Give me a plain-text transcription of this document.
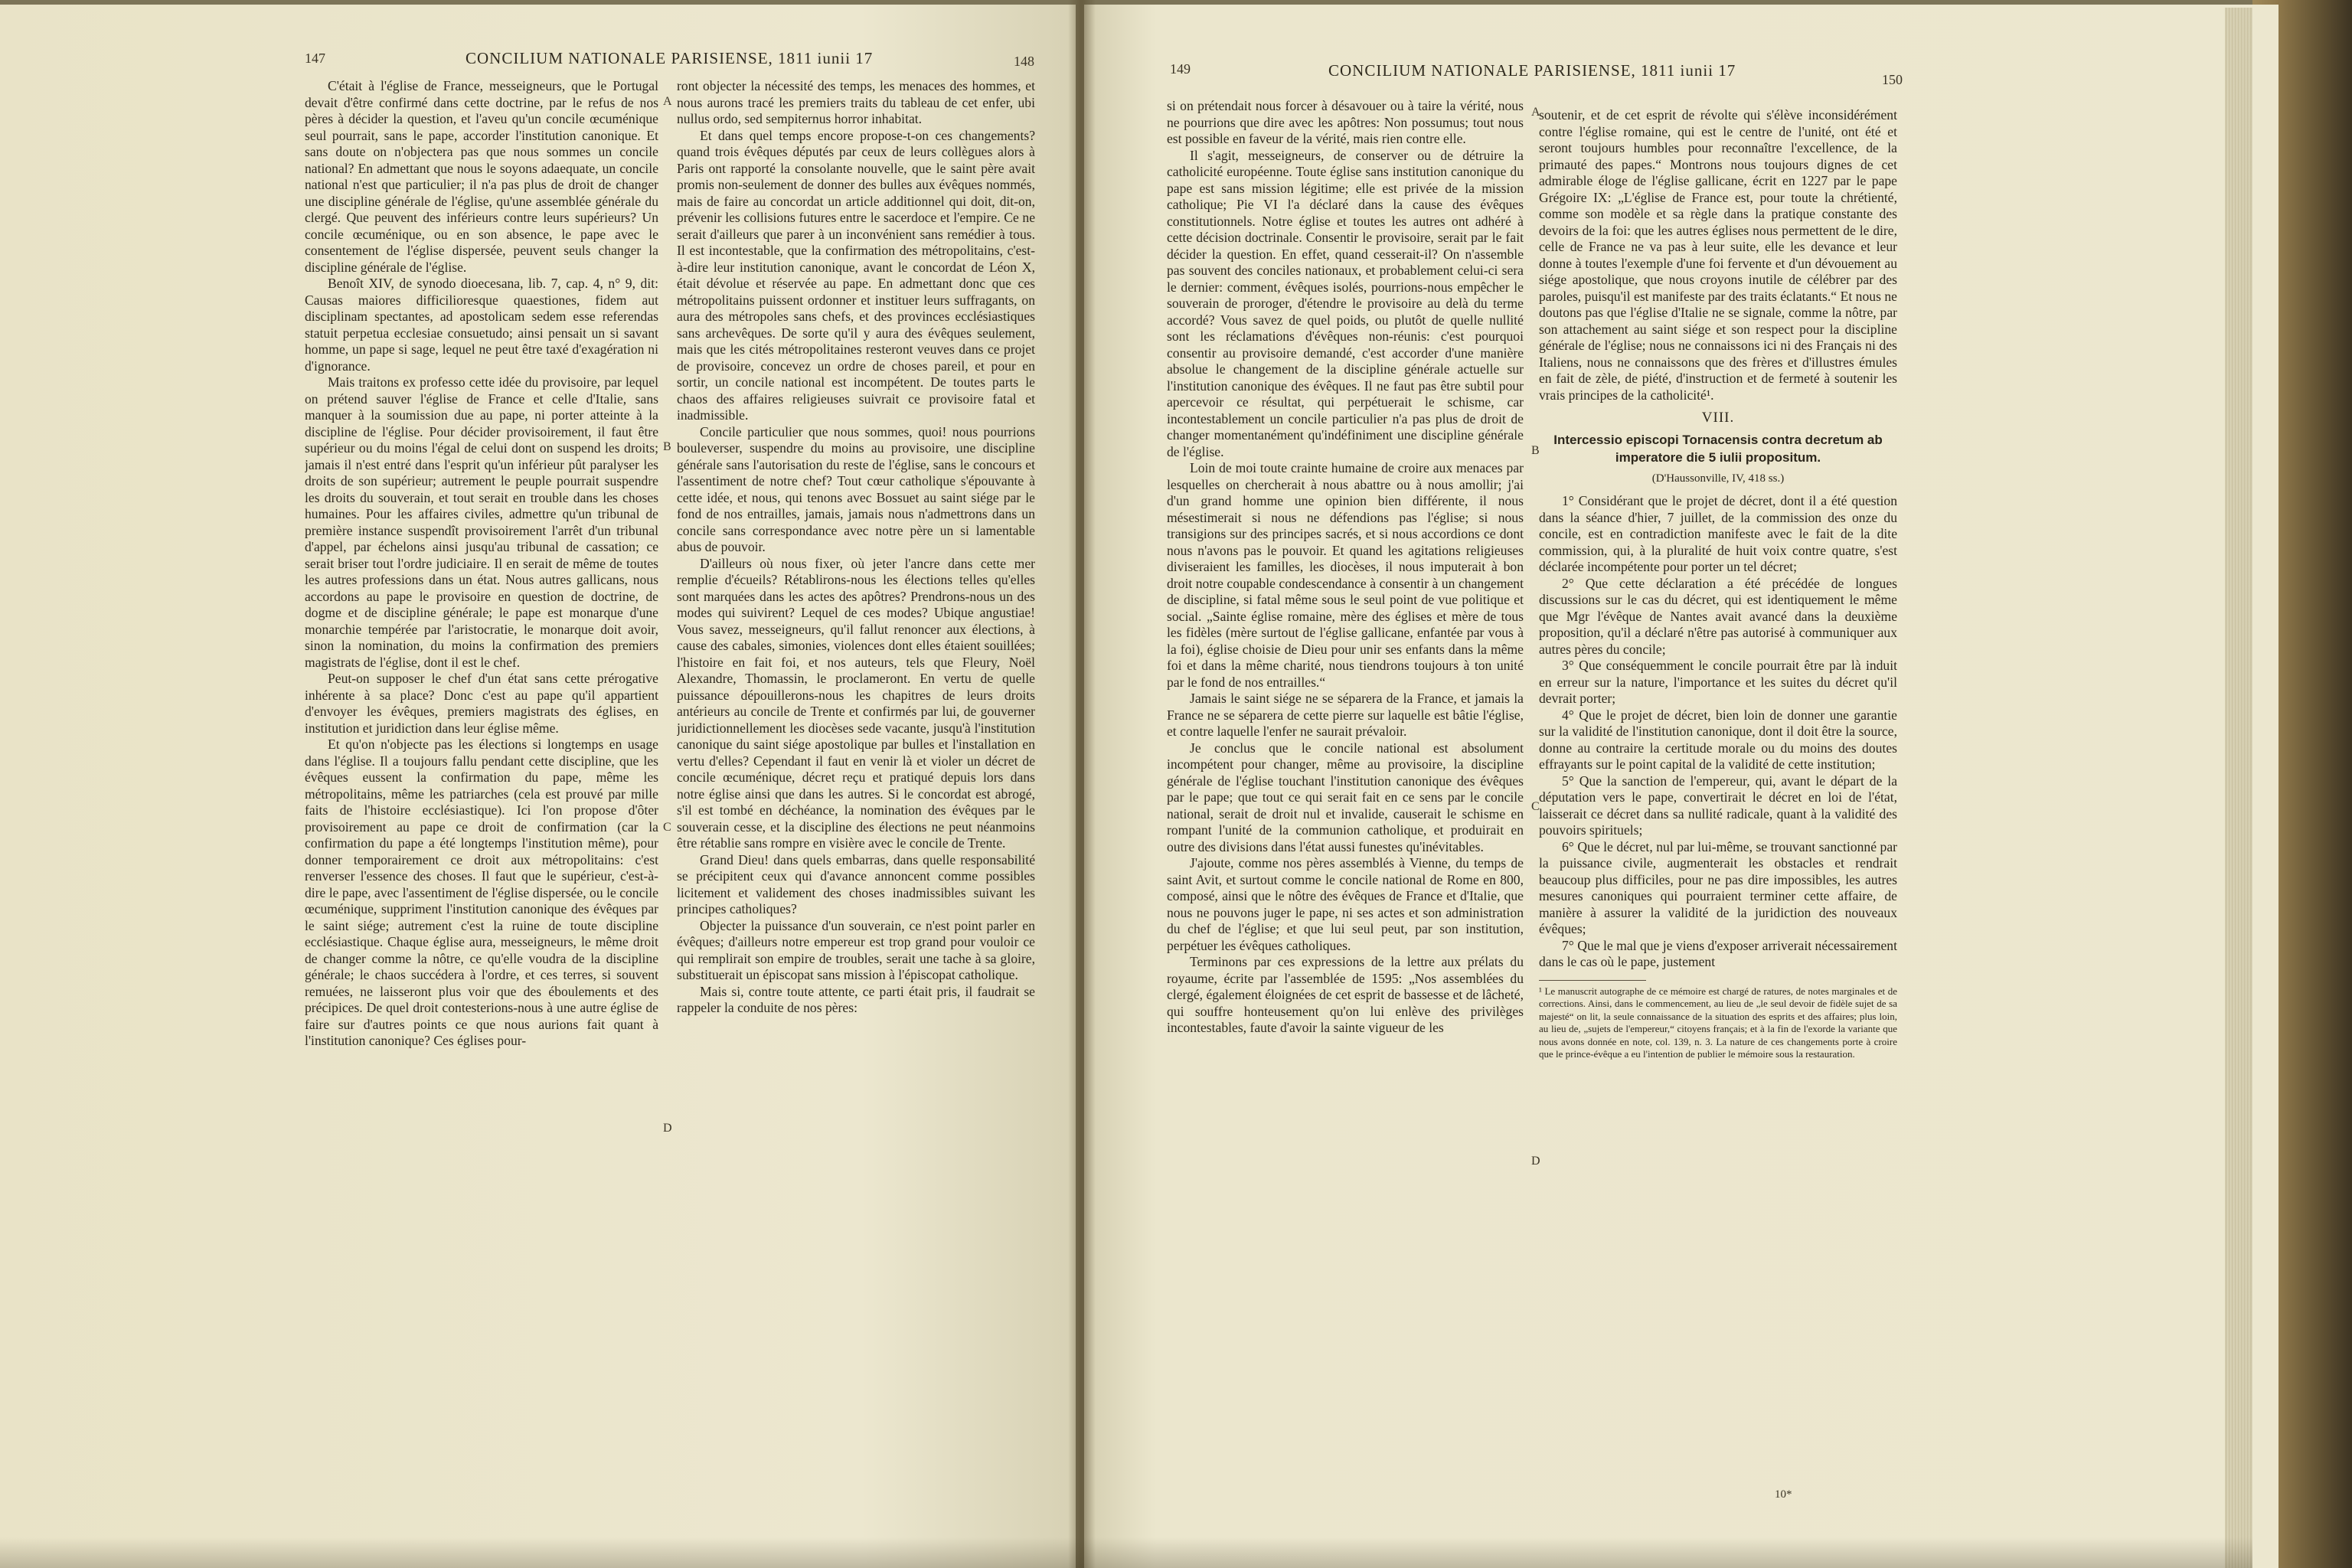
147	CONCILIUM NATIONALE PARISIENSE, 1811 iunii 17	148	149	CONCILIUM NATIONALE PARISIENSE, 1811 iunii 17	150
A
B
C
D
A
B
C
D

C'était à l'église de France, messeigneurs, que le Portugal devait d'être confirmé dans cette doctrine, par le refus de nos pères à décider la question, et l'aveu qu'un concile œcuménique seul pourrait, sans le pape, accorder l'institution canonique. Et sans doute on n'objectera pas que nous sommes un concile national? En admettant que nous le soyons adaequate, un concile national n'est que particulier; il n'a pas plus de droit de changer une discipline générale de l'église, qu'une assemblée générale du clergé. Que peuvent des inférieurs contre leurs supérieurs? Un concile œcuménique, ou en son absence, le pape avec le consentement de l'église dispersée, peuvent seuls changer la discipline générale de l'église.

Benoît XIV, de synodo dioecesana, lib. 7, cap. 4, n° 9, dit: Causas maiores difficilioresque quaestiones, fidem aut disciplinam spectantes, ad apostolicam sedem esse referendas statuit perpetua ecclesiae consuetudo; ainsi pensait un si savant homme, un pape si sage, lequel ne peut être taxé d'exagération ni d'ignorance.

Mais traitons ex professo cette idée du provisoire, par lequel on prétend sauver l'église de France et celle d'Italie, sans manquer à la soumission due au pape, ni porter atteinte à la discipline de l'église. Pour décider provisoirement, il faut être supérieur ou du moins l'égal de celui dont on suspend les droits; jamais il n'est entré dans l'esprit qu'un inférieur pût paralyser les droits de son supérieur; autrement le peuple pourrait suspendre les droits du souverain, et tout serait en trouble dans les choses humaines. Pour les affaires civiles, admettre qu'un tribunal de première instance suspendît provisoirement l'arrêt d'un tribunal d'appel, par échelons ainsi jusqu'au tribunal de cassation; ce serait briser tout l'ordre judiciaire. Il en serait de même de toutes les autres professions dans un état. Nous autres gallicans, nous accordons au pape le provisoire en question de doctrine, de dogme et de discipline générale; le pape est monarque d'une monarchie tempérée par l'aristocratie, le monarque doit avoir, sinon la nomination, du moins la confirmation des premiers magistrats de l'église, dont il est le chef.

Peut-on supposer le chef d'un état sans cette prérogative inhérente à sa place? Donc c'est au pape qu'il appartient d'envoyer les évêques, premiers magistrats des églises, en institution et juridiction dans leur église même.

Et qu'on n'objecte pas les élections si longtemps en usage dans l'église. Il a toujours fallu pendant cette discipline, que les évêques eussent la confirmation du pape, même les métropolitains, même les patriarches (cela est prouvé par mille faits de l'histoire ecclésiastique). Ici l'on propose d'ôter provisoirement au pape ce droit de confirmation (car la confirmation du pape a été longtemps l'institution même), pour donner temporairement ce droit aux métropolitains: c'est renverser l'essence des choses. Il faut que le supérieur, c'est-à-dire le pape, avec l'assentiment de l'église dispersée, ou le concile œcuménique, suppriment l'institution canonique des évêques par le saint siége; autrement c'est la ruine de toute discipline ecclésiastique. Chaque église aura, messeigneurs, le même droit de changer comme la nôtre, ce qu'elle voudra de la discipline générale; le chaos succédera à l'ordre, et ces terres, si souvent remuées, ne laisseront plus voir que des éboulements et des précipices. De quel droit contesterions-nous à une autre église de faire sur d'autres points ce que nous aurions fait quant à l'institution canonique? Ces églises pour-

ront objecter la nécessité des temps, les menaces des hommes, et nous aurons tracé les premiers traits du tableau de cet enfer, ubi nullus ordo, sed sempiternus horror inhabitat.

Et dans quel temps encore propose-t-on ces changements? quand trois évêques députés par ceux de leurs collègues alors à Paris ont rapporté la consolante nouvelle, que le saint père avait promis non-seulement de donner des bulles aux évêques nommés, mais de faire au concordat un article additionnel qui doit, dit-on, prévenir les collisions futures entre le sacerdoce et l'empire. Ce ne serait d'ailleurs que parer à un inconvénient sans remédier à tous. Il est incontestable, que la confirmation des métropolitains, c'est-à-dire leur institution canonique, avant le concordat de Léon X, était dévolue et réservée au pape. En admettant donc que ces métropolitains puissent ordonner et instituer leurs suffragants, on aura des métropoles sans chefs, et des provinces ecclésiastiques sans archevêques. De sorte qu'il y aura des évêques seulement, mais que les cités métropolitaines resteront veuves dans ce projet de provisoire, concevez un ordre de choses pareil, et pour en sortir, un concile national est incompétent. De toutes parts le chaos des affaires religieuses suivrait ce provisoire fatal et inadmissible.

Concile particulier que nous sommes, quoi! nous pourrions bouleverser, suspendre du moins au provisoire, une discipline générale sans l'autorisation du reste de l'église, sans le concours et l'assentiment de notre chef? Tout cœur catholique s'épouvante à cette idée, et nous, qui tenons avec Bossuet au saint siége par le fond de nos entrailles, jamais, jamais nous n'admettrons dans un concile sans correspondance avec notre père un si lamentable abus de pouvoir.

D'ailleurs où nous fixer, où jeter l'ancre dans cette mer remplie d'écueils? Rétablirons-nous les élections telles qu'elles sont marquées dans les actes des apôtres? Prendrons-nous un des modes qui suivirent? Lequel de ces modes? Ubique angustiae! Vous savez, messeigneurs, qu'il fallut renoncer aux élections, à cause des cabales, simonies, violences dont elles étaient souillées; l'histoire en fait foi, et nos auteurs, tels que Fleury, Noël Alexandre, Thomassin, le proclameront. En vertu de quelle puissance dépouillerons-nous les chapitres de leurs droits antérieurs au concile de Trente et confirmés par lui, de gouverner juridictionnellement les diocèses sede vacante, jusqu'à l'institution canonique du saint siége apostolique par bulles et l'installation en vertu d'elles? Cependant il faut en venir là et violer un décret de concile œcuménique, décret reçu et pratiqué depuis lors dans notre église ainsi que dans les autres. Si le concordat est abrogé, s'il est tombé en déchéance, la nomination des évêques par le souverain cesse, et la discipline des élections ne peut néanmoins être rétablie sans rompre en visière avec le concile de Trente.

Grand Dieu! dans quels embarras, dans quelle responsabilité se précipitent ceux qui d'avance annoncent comme possibles licitement et validement des choses inadmissibles suivant les principes catholiques?

Objecter la puissance d'un souverain, ce n'est point parler en évêques; d'ailleurs notre empereur est trop grand pour vouloir ce qui remplirait son empire de troubles, serait une tache à sa gloire, substituerait un épiscopat sans mission à l'épiscopat catholique.

Mais si, contre toute attente, ce parti était pris, il faudrait se rappeler la conduite de nos pères:

si on prétendait nous forcer à désavouer ou à taire la vérité, nous ne pourrions que dire avec les apôtres: Non possumus; tout nous est possible en faveur de la vérité, mais rien contre elle.

Il s'agit, messeigneurs, de conserver ou de détruire la catholicité européenne. Toute église sans institution canonique du pape est sans mission légitime; elle est privée de la mission catholique; Pie VI l'a déclaré dans la cause des évêques constitutionnels. Notre église et toutes les autres ont adhéré à cette décision doctrinale. Consentir le provisoire, serait par le fait décider la question. En effet, quand cesserait-il? On n'assemble pas souvent des conciles nationaux, et probablement celui-ci sera le dernier: comment, évêques isolés, pourrions-nous empêcher le souverain de proroger, d'étendre le provisoire au delà du terme accordé? Vous savez de quel poids, ou plutôt de quelle nullité sont les réclamations d'évêques non-réunis: c'est pourquoi consentir au provisoire demandé, c'est accorder d'une manière absolue le changement de la discipline générale actuelle sur l'institution canonique des évêques. Il ne faut pas être subtil pour apercevoir ce résultat, qui perpétuerait le schisme, car incontestablement un concile particulier n'a pas plus de droit de changer momentanément qu'indéfiniment une discipline générale de l'église.

Loin de moi toute crainte humaine de croire aux menaces par lesquelles on chercherait à nous abattre ou à nous amollir; j'ai d'un grand homme une opinion bien différente, il nous mésestimerait si nous ne défendions pas l'église; si nous transigions sur des principes sacrés, et si nous accordions ce dont nous n'avons pas le pouvoir. Et quand les agitations religieuses diviseraient les familles, les diocèses, il nous imputerait à bon droit notre coupable condescendance à consentir à un changement de discipline, si fatal même sous le seul point de vue politique et social. „Sainte église romaine, mère des églises et mère de tous les fidèles (mère surtout de l'église gallicane, enfantée par vous à la foi), église choisie de Dieu pour unir ses enfants dans la même foi et dans la même charité, nous tiendrons toujours à ton unité par le fond de nos entrailles.“

Jamais le saint siége ne se séparera de la France, et jamais la France ne se séparera de cette pierre sur laquelle est bâtie l'église, et contre laquelle l'enfer ne saurait prévaloir.

Je conclus que le concile national est absolument incompétent pour changer, même au provisoire, la discipline générale de l'église touchant l'institution canonique des évêques par le pape; que tout ce qui serait fait en ce sens par le concile national, serait de droit nul et invalide, causerait le schisme en rompant l'unité de la communion catholique, et produirait en outre des divisions dans l'état aussi funestes qu'inévitables.

J'ajoute, comme nos pères assemblés à Vienne, du temps de saint Avit, et surtout comme le concile national de Rome en 800, composé, ainsi que le nôtre des évêques de France et d'Italie, que nous ne pouvons juger le pape, ni ses actes et son administration du chef de l'église; et que lui seul peut, par son institution, perpétuer les évêques catholiques.

Terminons par ces expressions de la lettre aux prélats du royaume, écrite par l'assemblée de 1595: „Nos assemblées du clergé, également éloignées de cet esprit de bassesse et de lâcheté, qui souffre honteusement qu'on lui enlève des privilèges incontestables, faute d'avoir la sainte vigueur de les

soutenir, et de cet esprit de révolte qui s'élève inconsidérément contre l'église romaine, qui est le centre de l'unité, ont été et seront toujours humbles pour reconnaître l'excellence, de la primauté des papes.“ Montrons nous toujours dignes de cet admirable éloge de l'église gallicane, écrit en 1227 par le pape Grégoire IX: „L'église de France est, pour toute la chrétienté, comme son modèle et sa règle dans la pratique constante des devoirs de la foi: que les autres églises nous permettent de le dire, celle de France ne va pas à leur suite, elle les devance et leur donne à toutes l'exemple d'une foi fervente et d'un dévouement au siége apostolique, que nous croyons inutile de célébrer par des paroles, puisqu'il est manifeste par des traits éclatants.“ Et nous ne doutons pas que l'église d'Italie ne se signale, comme la nôtre, par son attachement au saint siége et son respect pour la discipline générale de l'église; nous ne connaissons ici ni des Français ni des Italiens, nous ne connaissons que des frères et d'illustres émules en fait de zèle, de piété, d'instruction et de fermeté à soutenir les vrais principes de la catholicité¹.

VIII.
Intercessio episcopi Tornacensis contra decretum ab imperatore die 5 iulii propositum.
(D'Haussonville, IV, 418 ss.)

1° Considérant que le projet de décret, dont il a été question dans la séance d'hier, 7 juillet, de la commission des onze du concile, est en contradiction manifeste avec le fait de la dite commission, qui, à la pluralité de huit voix contre quatre, s'est déclarée incompétente pour porter un tel décret;

2° Que cette déclaration a été précédée de longues discussions sur le cas du décret, qui est identiquement le même que Mgr l'évêque de Nantes avait avancé dans la deuxième proposition, qu'il a déclaré n'être pas autorisé à communiquer aux autres pères du concile;

3° Que conséquemment le concile pourrait être par là induit en erreur sur la nature, l'importance et les suites du décret qu'il devrait porter;

4° Que le projet de décret, bien loin de donner une garantie sur la validité de l'institution canonique, dont il doit être la source, donne au contraire la certitude morale ou du moins des doutes effrayants sur le point capital de la validité de cette institution;

5° Que la sanction de l'empereur, qui, avant le départ de la députation vers le pape, convertirait le décret en loi de l'état, laisserait ce décret dans sa nullité radicale, quant à la validité des pouvoirs spirituels;

6° Que le décret, nul par lui-même, se trouvant sanctionné par la puissance civile, augmenterait les obstacles et rendrait beaucoup plus difficiles, pour ne pas dire impossibles, les autres mesures canoniques qui pourraient terminer cette affaire, de manière à assurer la validité de la juridiction des nouveaux évêques;

7° Que le mal que je viens d'exposer arriverait nécessairement dans le cas où le pape, justement

¹ Le manuscrit autographe de ce mémoire est chargé de ratures, de notes marginales et de corrections. Ainsi, dans le commencement, au lieu de „le seul devoir de fidèle sujet de sa majesté“ on lit, la seule connaissance de la situation des esprits et des affaires; plus loin, au lieu de, „sujets de l'empereur,“ citoyens français; et à la fin de l'exorde la variante que nous avons donnée en note, col. 139, n. 3. La nature de ces changements porte à croire que le prince-évêque a eu l'intention de publier le mémoire sous la restauration.
10*
